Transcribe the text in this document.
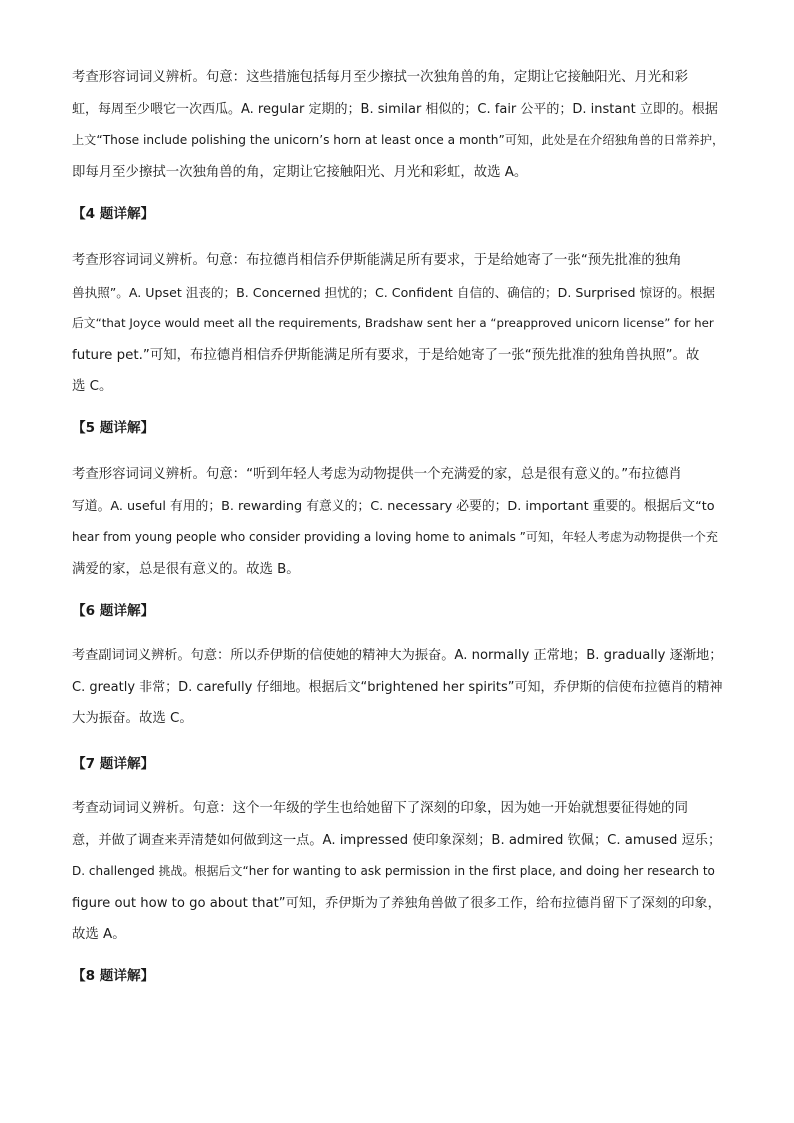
考查形容词词义辨析。句意：这些措施包括每月至少擦拭一次独角兽的角，定期让它接触阳光、月光和彩
虹，每周至少喂它一次西瓜。A. regular 定期的；B. similar 相似的；C. fair 公平的；D. instant 立即的。根据
上文“Those include polishing the unicorn’s horn at least once a month”可知，此处是在介绍独角兽的日常养护，
即每月至少擦拭一次独角兽的角，定期让它接触阳光、月光和彩虹，故选 A。

【4 题详解】

考查形容词词义辨析。句意：布拉德肖相信乔伊斯能满足所有要求，于是给她寄了一张“预先批准的独角
兽执照”。A. Upset 沮丧的；B. Concerned 担忧的；C. Confident 自信的、确信的；D. Surprised 惊讶的。根据
后文“that Joyce would meet all the requirements, Bradshaw sent her a “preapproved unicorn license” for her
future pet.”可知，布拉德肖相信乔伊斯能满足所有要求，于是给她寄了一张“预先批准的独角兽执照”。故
选 C。

【5 题详解】

考查形容词词义辨析。句意：“听到年轻人考虑为动物提供一个充满爱的家，总是很有意义的。”布拉德肖
写道。A. useful 有用的；B. rewarding 有意义的；C. necessary 必要的；D. important 重要的。根据后文“to
hear from young people who consider providing a loving home to animals ”可知，年轻人考虑为动物提供一个充
满爱的家，总是很有意义的。故选 B。

【6 题详解】

考查副词词义辨析。句意：所以乔伊斯的信使她的精神大为振奋。A. normally 正常地；B. gradually 逐渐地；
C. greatly 非常；D. carefully 仔细地。根据后文“brightened her spirits”可知，乔伊斯的信使布拉德肖的精神
大为振奋。故选 C。

【7 题详解】

考查动词词义辨析。句意：这个一年级的学生也给她留下了深刻的印象，因为她一开始就想要征得她的同
意，并做了调查来弄清楚如何做到这一点。A. impressed 使印象深刻；B. admired 钦佩；C. amused 逗乐；
D. challenged 挑战。根据后文“her for wanting to ask permission in the first place, and doing her research to
figure out how to go about that”可知，乔伊斯为了养独角兽做了很多工作，给布拉德肖留下了深刻的印象，
故选 A。

【8 题详解】
